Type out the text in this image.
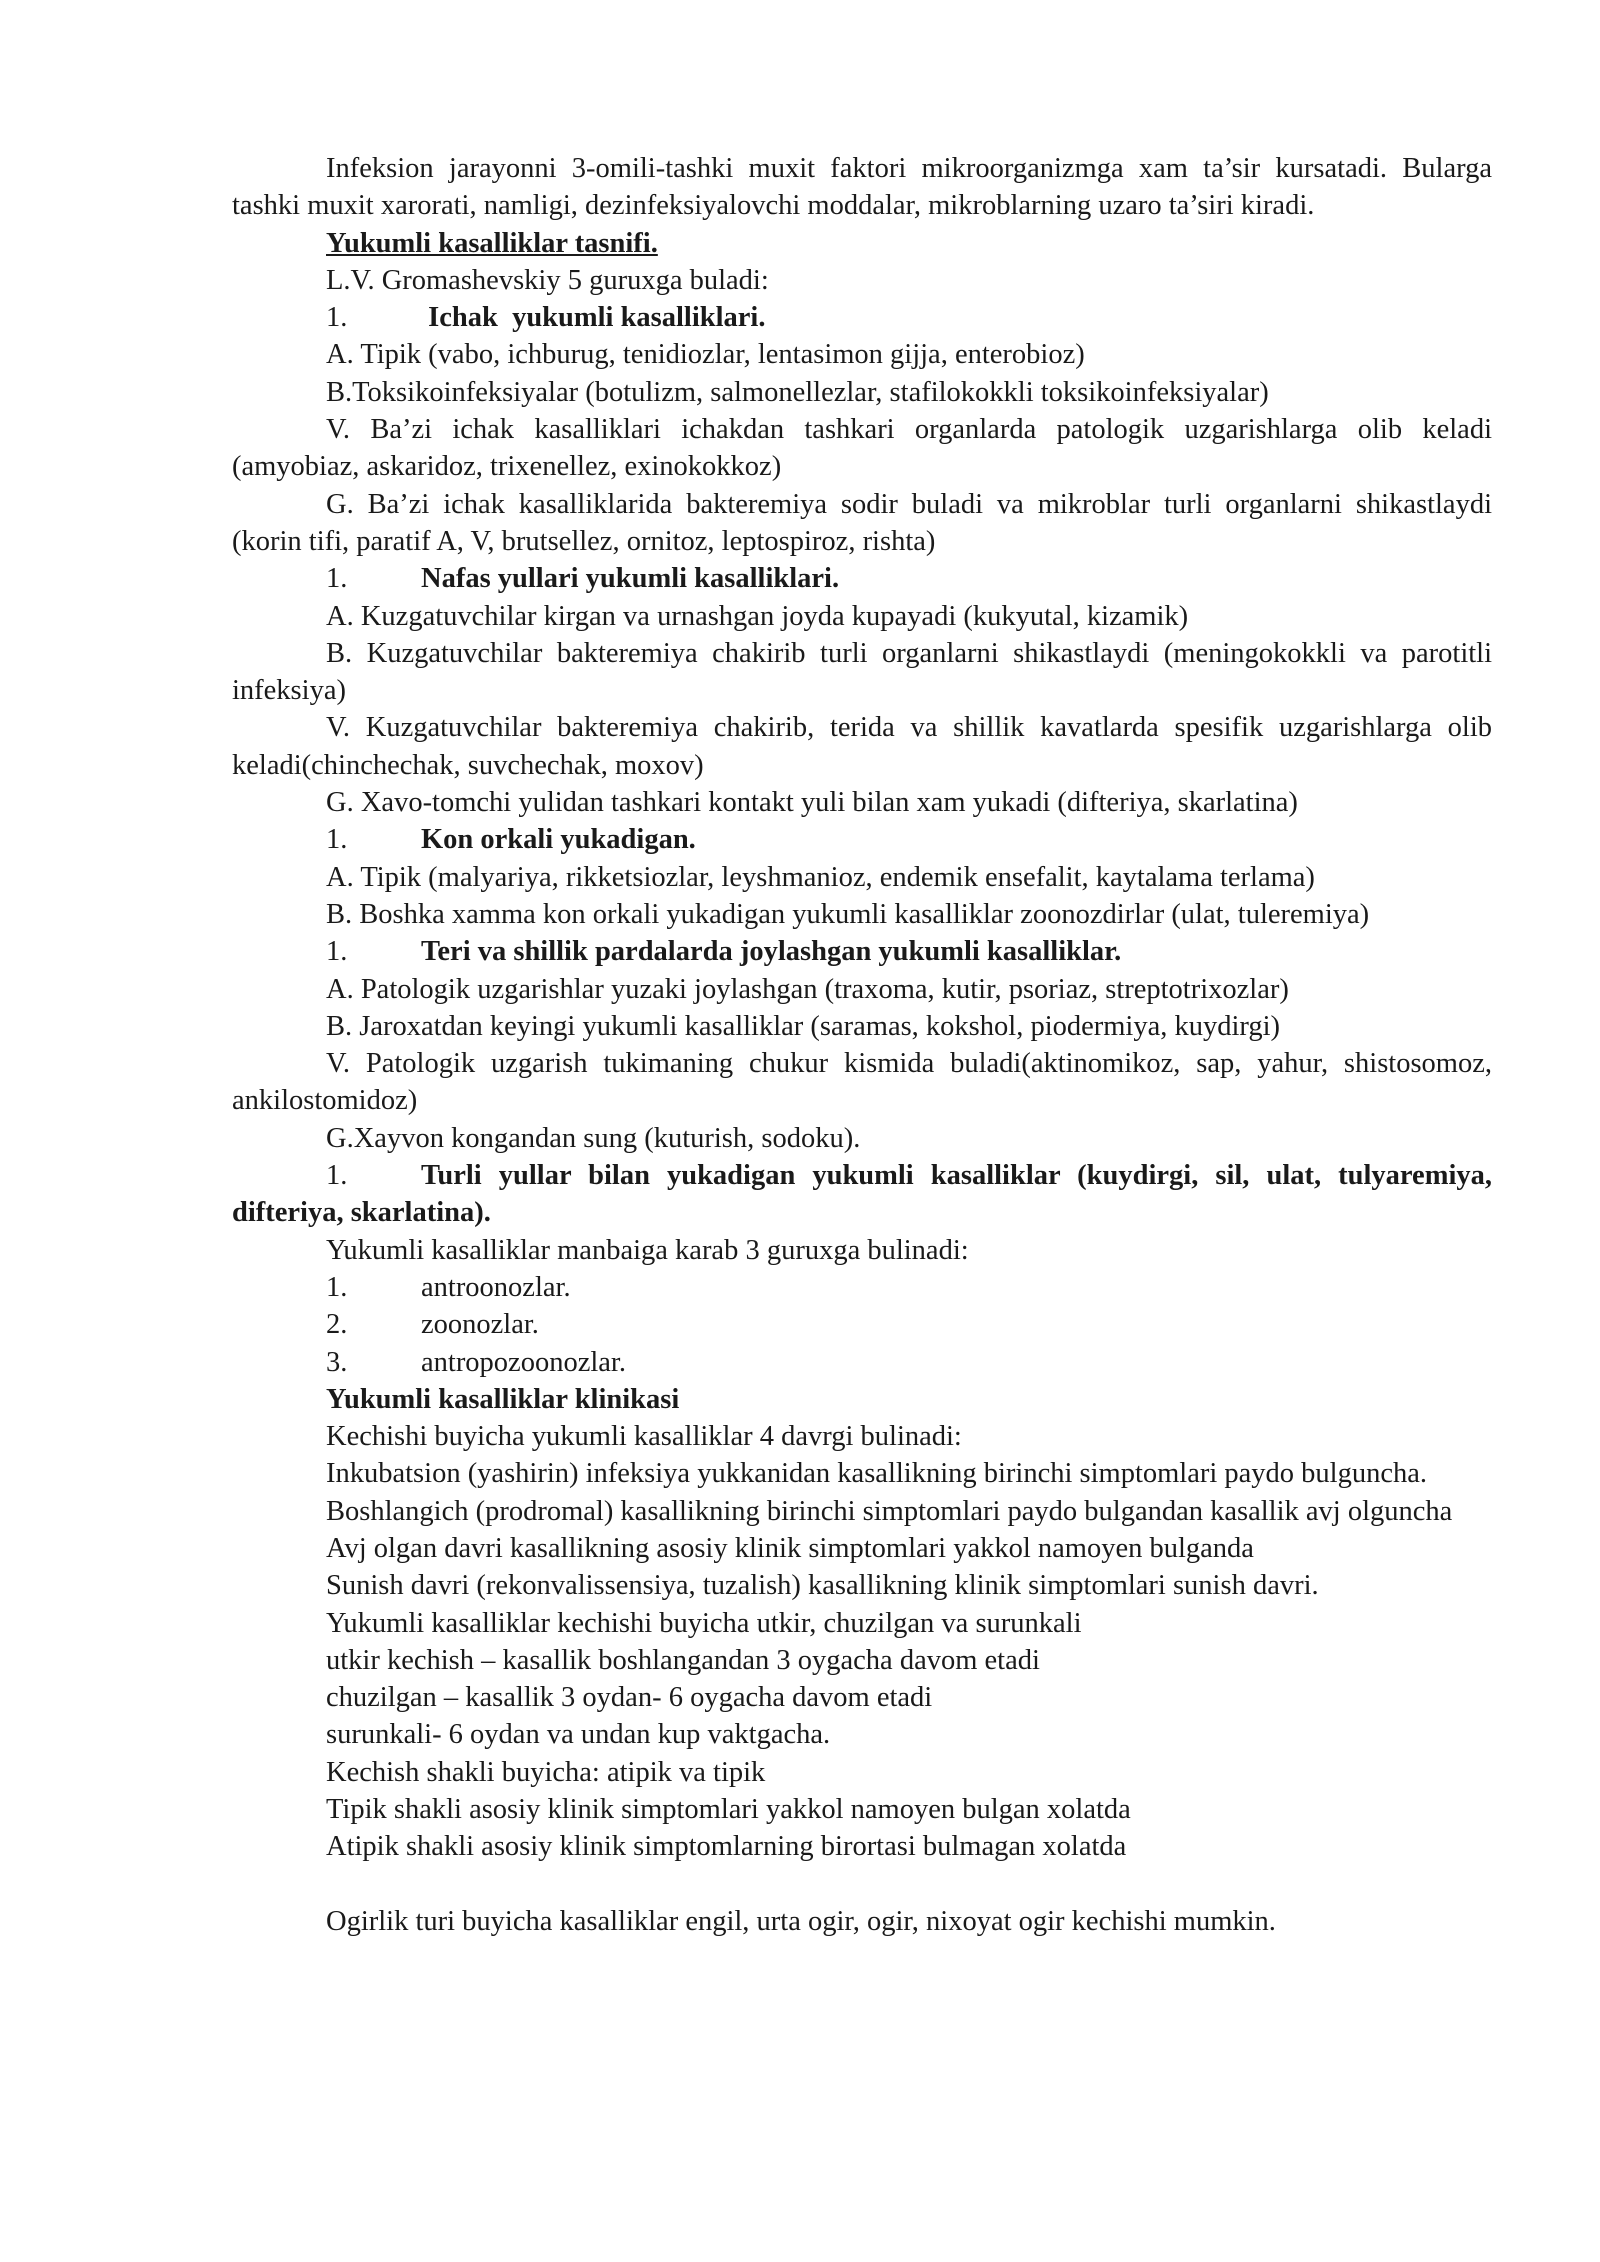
Infeksion jarayonni 3-omili-tashki muxit faktori mikroorganizmga xam ta’sir kursatadi. Bularga tashki muxit xarorati, namligi, dezinfeksiyalovchi moddalar, mikroblarning uzaro ta’siri kiradi.

Yukumli kasalliklar tasnifi.

L.V. Gromashevskiy 5 guruxga buladi:

1.	Ichak  yukumli kasalliklari.

A. Tipik (vabo, ichburug, tenidiozlar, lentasimon gijja, enterobioz)

B.Toksikoinfeksiyalar (botulizm, salmonellezlar, stafilokokkli toksikoinfeksiyalar)

V. Ba’zi ichak kasalliklari ichakdan tashkari organlarda patologik uzgarishlarga olib keladi (amyobiaz, askaridoz, trixenellez, exinokokkoz)

G. Ba’zi ichak kasalliklarida bakteremiya sodir buladi va mikroblar turli organlarni shikastlaydi (korin tifi, paratif A, V, brutsellez, ornitoz, leptospiroz, rishta)

1.	Nafas yullari yukumli kasalliklari.

A. Kuzgatuvchilar kirgan va urnashgan joyda kupayadi (kukyutal, kizamik)

B. Kuzgatuvchilar bakteremiya chakirib turli organlarni shikastlaydi (meningokokkli va parotitli infeksiya)

V. Kuzgatuvchilar bakteremiya chakirib, terida va shillik kavatlarda spesifik uzgarishlarga olib keladi(chinchechak, suvchechak, moxov)

G. Xavo-tomchi yulidan tashkari kontakt yuli bilan xam yukadi (difteriya, skarlatina)

1.	Kon orkali yukadigan.

A. Tipik (malyariya, rikketsiozlar, leyshmanioz, endemik ensefalit, kaytalama terlama)

B. Boshka xamma kon orkali yukadigan yukumli kasalliklar zoonozdirlar (ulat, tuleremiya)

1.	Teri va shillik pardalarda joylashgan yukumli kasalliklar.

A. Patologik uzgarishlar yuzaki joylashgan (traxoma, kutir, psoriaz, streptotrixozlar)

B. Jaroxatdan keyingi yukumli kasalliklar (saramas, kokshol, piodermiya, kuydirgi)

V. Patologik uzgarish tukimaning chukur kismida buladi(aktinomikoz, sap, yahur, shistosomoz, ankilostomidoz)

G.Xayvon kongandan sung (kuturish, sodoku).

1.	Turli yullar bilan yukadigan yukumli kasalliklar (kuydirgi, sil, ulat, tulyaremiya, difteriya, skarlatina).

Yukumli kasalliklar manbaiga karab 3 guruxga bulinadi:

1.	antroonozlar.

2.	zoonozlar.

3.	antropozoonozlar.

Yukumli kasalliklar klinikasi

Kechishi buyicha yukumli kasalliklar 4 davrgi bulinadi:

Inkubatsion (yashirin) infeksiya yukkanidan kasallikning birinchi simptomlari paydo bulguncha.

Boshlangich (prodromal) kasallikning birinchi simptomlari paydo bulgandan kasallik avj olguncha

Avj olgan davri kasallikning asosiy klinik simptomlari yakkol namoyen bulganda

Sunish davri (rekonvalissensiya, tuzalish) kasallikning klinik simptomlari sunish davri.

Yukumli kasalliklar kechishi buyicha utkir, chuzilgan va surunkali

utkir kechish – kasallik boshlangandan 3 oygacha davom etadi

chuzilgan – kasallik 3 oydan- 6 oygacha davom etadi

surunkali- 6 oydan va undan kup vaktgacha.

Kechish shakli buyicha: atipik va tipik

Tipik shakli asosiy klinik simptomlari yakkol namoyen bulgan xolatda

Atipik shakli asosiy klinik simptomlarning birortasi bulmagan xolatda

Ogirlik turi buyicha kasalliklar engil, urta ogir, ogir, nixoyat ogir kechishi mumkin.
